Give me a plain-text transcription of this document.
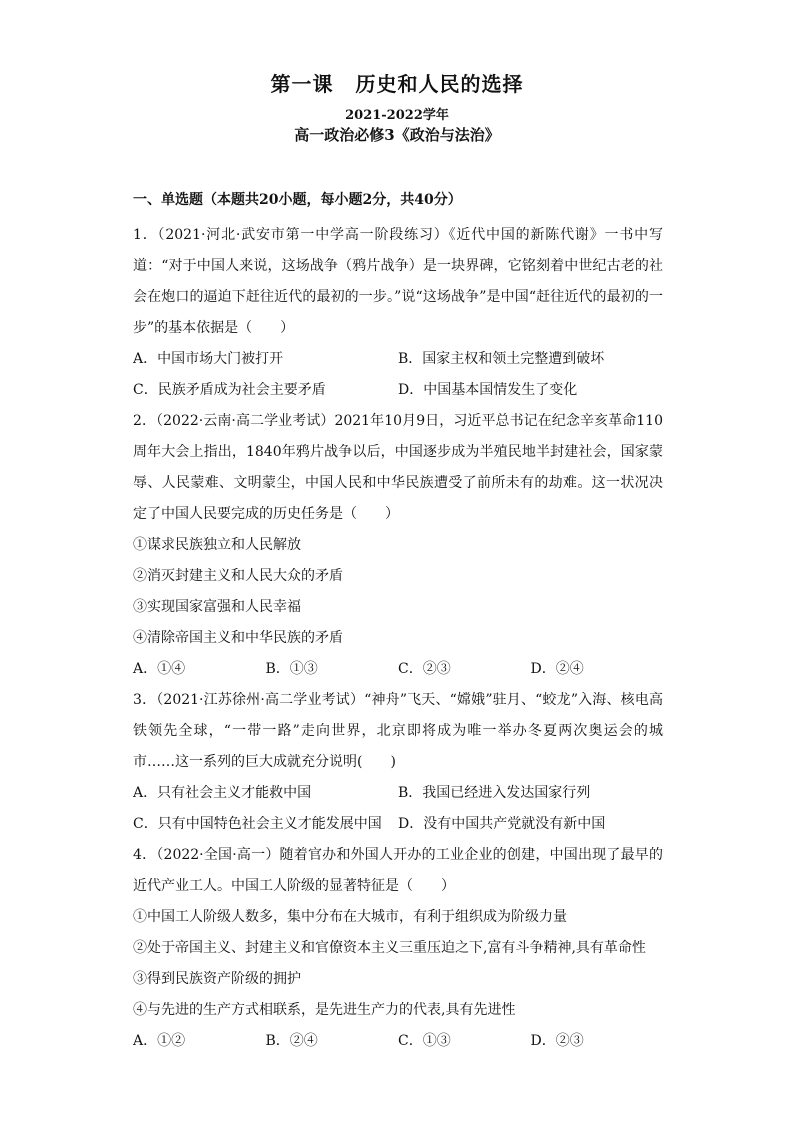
第一课 历史和人民的选择
2021-2022学年
高一政治必修3《政治与法治》
一、单选题（本题共20小题，每小题2分，共40分）

1．（2021·河北·武安市第一中学高一阶段练习）《近代中国的新陈代谢》一书中写道：“对于中国人来说，这场战争（鸦片战争）是一块界碑，它铭刻着中世纪古老的社会在炮口的逼迫下赶往近代的最初的一步。”说“这场战争”是中国“赶往近代的最初的一步”的基本依据是（　　）

A．中国市场大门被打开	B．国家主权和领土完整遭到破坏
C．民族矛盾成为社会主要矛盾	D．中国基本国情发生了变化

2．（2022·云南·高二学业考试）2021年10月9日，习近平总书记在纪念辛亥革命110周年大会上指出，1840年鸦片战争以后，中国逐步成为半殖民地半封建社会，国家蒙辱、人民蒙难、文明蒙尘，中国人民和中华民族遭受了前所未有的劫难。这一状况决定了中国人民要完成的历史任务是（　　）

①谋求民族独立和人民解放

②消灭封建主义和人民大众的矛盾

③实现国家富强和人民幸福

④清除帝国主义和中华民族的矛盾

A．①④	B．①③	C．②③	D．②④

3．（2021·江苏徐州·高二学业考试）“神舟”飞天、“嫦娥”驻月、“蛟龙”入海、核电高铁领先全球，“一带一路”走向世界，北京即将成为唯一举办冬夏两次奥运会的城市……这一系列的巨大成就充分说明(　　)

A．只有社会主义才能救中国	B．我国已经进入发达国家行列
C．只有中国特色社会主义才能发展中国	D．没有中国共产党就没有新中国

4．（2022·全国·高一）随着官办和外国人开办的工业企业的创建，中国出现了最早的近代产业工人。中国工人阶级的显著特征是（　　）

①中国工人阶级人数多，集中分布在大城市，有利于组织成为阶级力量

②处于帝国主义、封建主义和官僚资本主义三重压迫之下,富有斗争精神,具有革命性

③得到民族资产阶级的拥护

④与先进的生产方式相联系，是先进生产力的代表,具有先进性

A．①②	B．②④	C．①③	D．②③
